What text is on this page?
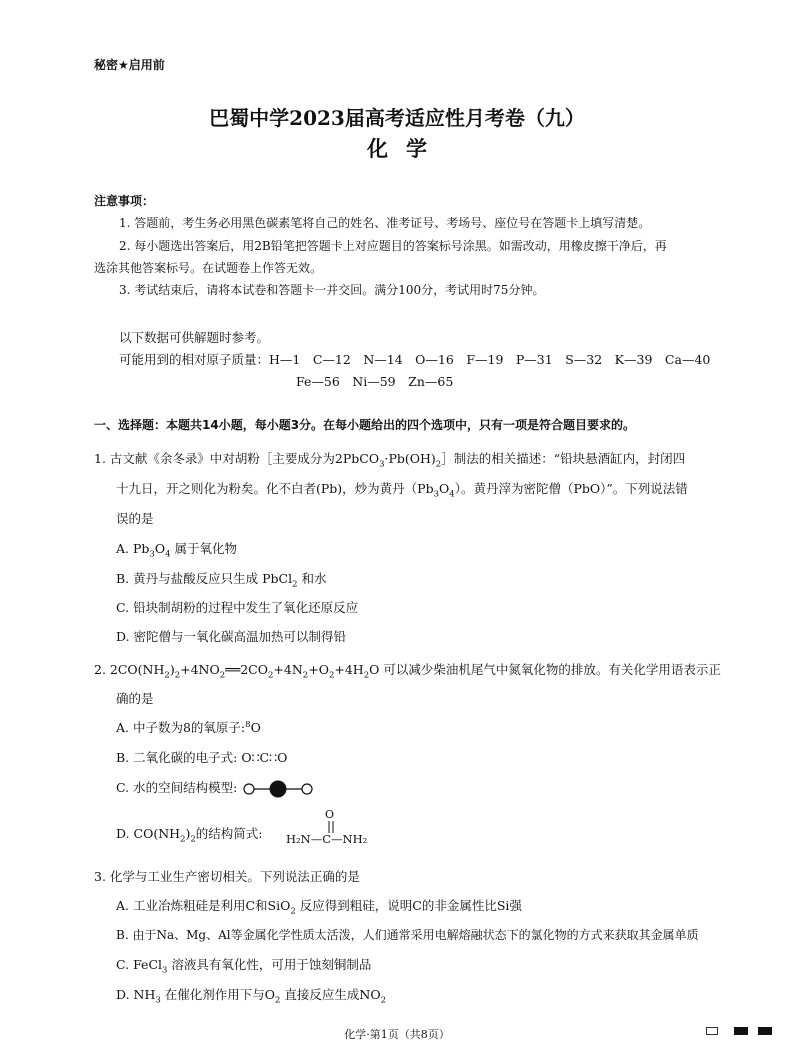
秘密★启用前
巴蜀中学2023届高考适应性月考卷（九）
化学
注意事项：
1. 答题前，考生务必用黑色碳素笔将自己的姓名、准考证号、考场号、座位号在答题卡上填写清楚。
2. 每小题选出答案后，用2B铅笔把答题卡上对应题目的答案标号涂黑。如需改动，用橡皮擦干净后，再
选涂其他答案标号。在试题卷上作答无效。
3. 考试结束后，请将本试卷和答题卡一并交回。满分100分，考试用时75分钟。
以下数据可供解题时参考。
可能用到的相对原子质量：H—1　C—12　N—14　O—16　F—19　P—31　S—32　K—39　Ca—40
Fe—56　Ni—59　Zn—65
一、选择题：本题共14小题，每小题3分。在每小题给出的四个选项中，只有一项是符合题目要求的。
1. 古文献《余冬录》中对胡粉［主要成分为$2PbCO_3\cdot Pb(OH)_2]$制法的相关描述：“铅块悬酒缸内，封闭四
十九日，开之则化为粉矣。化不白者(Pb)，炒为黄丹$(Pb_3O_4)$。黄丹滓为密陀僧（PbO）”。下列说法错
误的是
A. $Pb_3O_4$ 属于氧化物
B. 黄丹与盐酸反应只生成 PbCl$_2$ 和水
C. 铅块制胡粉的过程中发生了氧化还原反应
D. 密陀僧与一氧化碳高温加热可以制得铅
2. $2CO(NH_2)_2+4NO_2══2CO_2+4N_2+O_2+4H_2O$ 可以减少柴油机尾气中氮氧化物的排放。有关化学用语表示正
确的是
A. 中子数为8的氧原子:$^8$O
B. 二氧化碳的电子式: O∷C∷O
C. 水的空间结构模型:
D. $CO(NH_2)_2$的结构简式:
O
H₂N—C—NH₂
3. 化学与工业生产密切相关。下列说法正确的是
A. 工业冶炼粗硅是利用C和SiO$_2$ 反应得到粗硅，说明C的非金属性比Si强
B. 由于Na、Mg、Al等金属化学性质太活泼，人们通常采用电解熔融状态下的氯化物的方式来获取其金属单质
C. FeCl$_3$ 溶液具有氧化性，可用于蚀刻铜制品
D. $NH_3$ 在催化剂作用下与$O_2$ 直接反应生成$NO_2$
化学·第1页（共8页）
